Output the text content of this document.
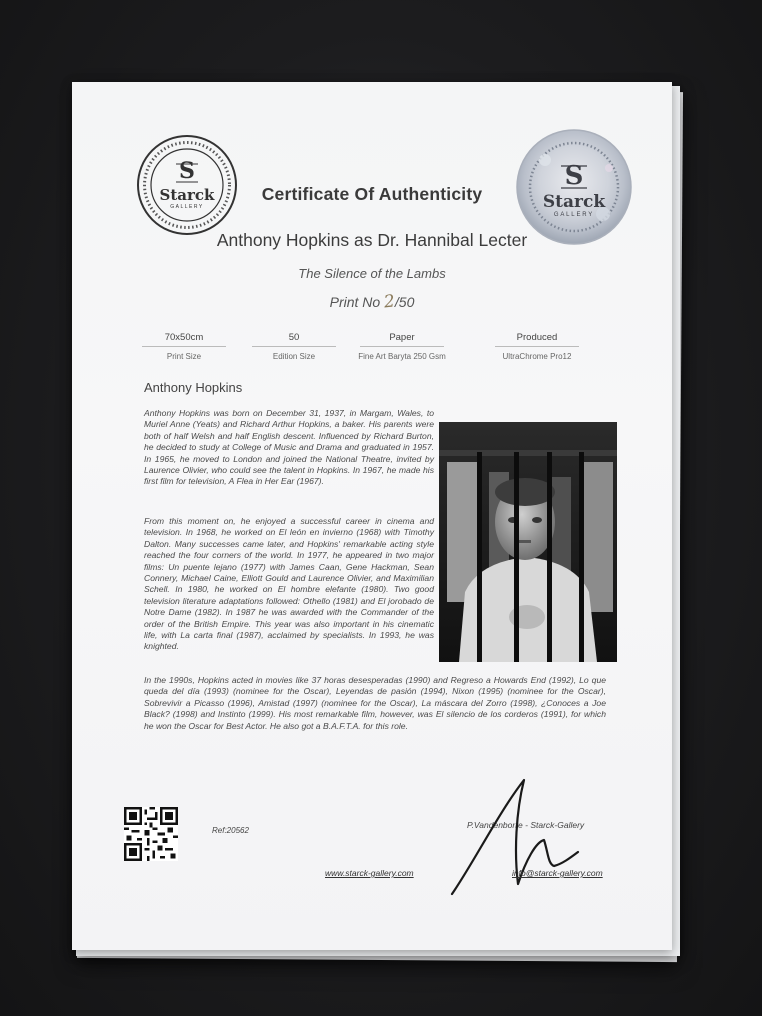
S
Starck
GALLERY
Certificate Of Authenticity
S
Starck
GALLERY
Anthony Hopkins as Dr. Hannibal Lecter
The Silence of the Lambs
Print No 2/50
70x50cm
Print Size
50
Edition Size
Paper
Fine Art Baryta 250 Gsm
Produced
UltraChrome Pro12
Anthony Hopkins
Anthony Hopkins was born on December 31, 1937, in Margam, Wales, to Muriel Anne (Yeats) and Richard Arthur Hopkins, a baker. His parents were both of half Welsh and half English descent. Influenced by Richard Burton, he decided to study at College of Music and Drama and graduated in 1957. In 1965, he moved to London and joined the National Theatre, invited by Laurence Olivier, who could see the talent in Hopkins. In 1967, he made his first film for television, A Flea in Her Ear (1967).
From this moment on, he enjoyed a successful career in cinema and television. In 1968, he worked on El león en invierno (1968) with Timothy Dalton. Many successes came later, and Hopkins' remarkable acting style reached the four corners of the world. In 1977, he appeared in two major films: Un puente lejano (1977) with James Caan, Gene Hackman, Sean Connery, Michael Caine, Elliott Gould and Laurence Olivier, and Maximilian Schell. In 1980, he worked on El hombre elefante (1980). Two good television literature adaptations followed: Othello (1981) and El jorobado de Notre Dame (1982). In 1987 he was awarded with the Commander of the order of the British Empire. This year was also important in his cinematic life, with La carta final (1987), acclaimed by specialists. In 1993, he was knighted.
In the 1990s, Hopkins acted in movies like 37 horas desesperadas (1990) and Regreso a Howards End (1992), Lo que queda del día (1993) (nominee for the Oscar), Leyendas de pasión (1994), Nixon (1995) (nominee for the Oscar), Sobrevivir a Picasso (1996), Amistad (1997) (nominee for the Oscar), La máscara del Zorro (1998), ¿Conoces a Joe Black? (1998) and Instinto (1999). His most remarkable film, however, was El silencio de los corderos (1991), for which he won the Oscar for Best Actor. He also got a B.A.F.T.A. for this role.
Ref:20562
P.Vandenborre - Starck-Gallery
www.starck-gallery.com	info@starck-gallery.com
